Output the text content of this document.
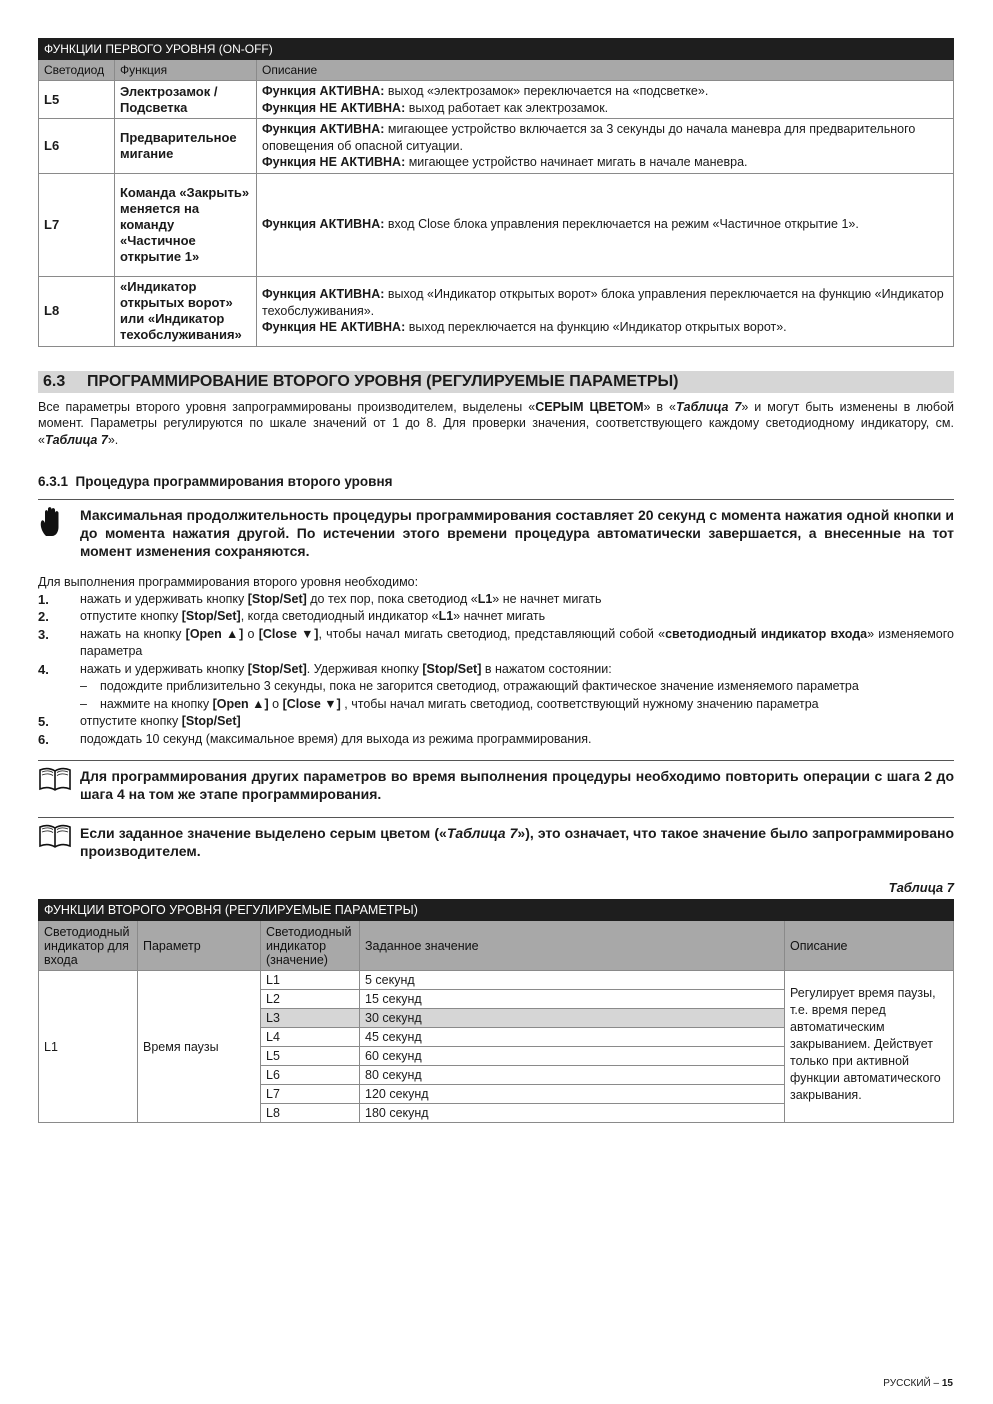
ФУНКЦИИ ПЕРВОГО УРОВНЯ (ON-OFF)		
Светодиод	Функция	Описание
L5	Электрозамок / Подсветка	Функция АКТИВНА: выход «электрозамок» переключается на «подсветке».
Функция НЕ АКТИВНА: выход работает как электрозамок.

L6	Предварительное мигание	Функция АКТИВНА: мигающее устройство включается за 3 секунды до начала маневра для предварительного оповещения об опасной ситуации.
Функция НЕ АКТИВНА: мигающее устройство начинает мигать в начале маневра.

L7	Команда «Закрыть» меняется на команду «Частичное открытие 1»	Функция АКТИВНА: вход Close блока управления переключается на режим «Частичное открытие 1».

L8	«Индикатор открытых ворот» или «Индикатор техобслуживания»	Функция АКТИВНА: выход «Индикатор открытых ворот» блока управления переключается на функцию «Индикатор техобслуживания».
Функция НЕ АКТИВНА: выход переключается на функцию «Индикатор открытых ворот».
6.3 ПРОГРАММИРОВАНИЕ ВТОРОГО УРОВНЯ (РЕГУЛИРУЕМЫЕ ПАРАМЕТРЫ)
Все параметры второго уровня запрограммированы производителем, выделены «СЕРЫМ ЦВЕТОМ» в «Таблица 7» и могут быть изменены в любой момент. Параметры регулируются по шкале значений от 1 до 8. Для проверки значения, соответствующего каждому светодиодному индикатору, см. «Таблица 7».
6.3.1 Процедура программирования второго уровня
Максимальная продолжительность процедуры программирования составляет 20 секунд с момента нажатия одной кнопки и до момента нажатия другой. По истечении этого времени процедура автоматически завершается, а внесенные на тот момент изменения сохраняются.
Для выполнения программирования второго уровня необходимо:
1.	нажать и удерживать кнопку [Stop/Set] до тех пор, пока светодиод «L1» не начнет мигать
2.	отпустите кнопку [Stop/Set], когда светодиодный индикатор «L1» начнет мигать
3.	нажать на кнопку [Open ▲] o [Close ▼], чтобы начал мигать светодиод, представляющий собой «светодиодный индикатор входа» изменяемого параметра
4.	нажать и удерживать кнопку [Stop/Set]. Удерживая кнопку [Stop/Set] в нажатом состоянии:
–	подождите приблизительно 3 секунды, пока не загорится светодиод, отражающий фактическое значение изменяемого параметра
–	нажмите на кнопку [Open ▲] o [Close ▼] , чтобы начал мигать светодиод, соответствующий нужному значению параметра
5.	отпустите кнопку [Stop/Set]
6.	подождать 10 секунд (максимальное время) для выхода из режима программирования.
Для программирования других параметров во время выполнения процедуры необходимо повторить операции с шага 2 до шага 4 на том же этапе программирования.
Если заданное значение выделено серым цветом («Таблица 7»), это означает, что такое значение было запрограммировано производителем.
Таблица 7
ФУНКЦИИ ВТОРОГО УРОВНЯ (РЕГУЛИРУЕМЫЕ ПАРАМЕТРЫ)				
Светодиодный индикатор для входа	Параметр	Светодиодный индикатор (значение)	Заданное значение	Описание
L1	Время паузы	L1	5 секунд	Регулирует время паузы, т.е. время перед автоматическим закрыванием. Действует только при активной функции автоматического закрывания.
		L2	15 секунд	
		L3	30 секунд	
		L4	45 секунд	
		L5	60 секунд	
		L6	80 секунд	
		L7	120 секунд	
		L8	180 секунд	
РУССКИЙ – 15
